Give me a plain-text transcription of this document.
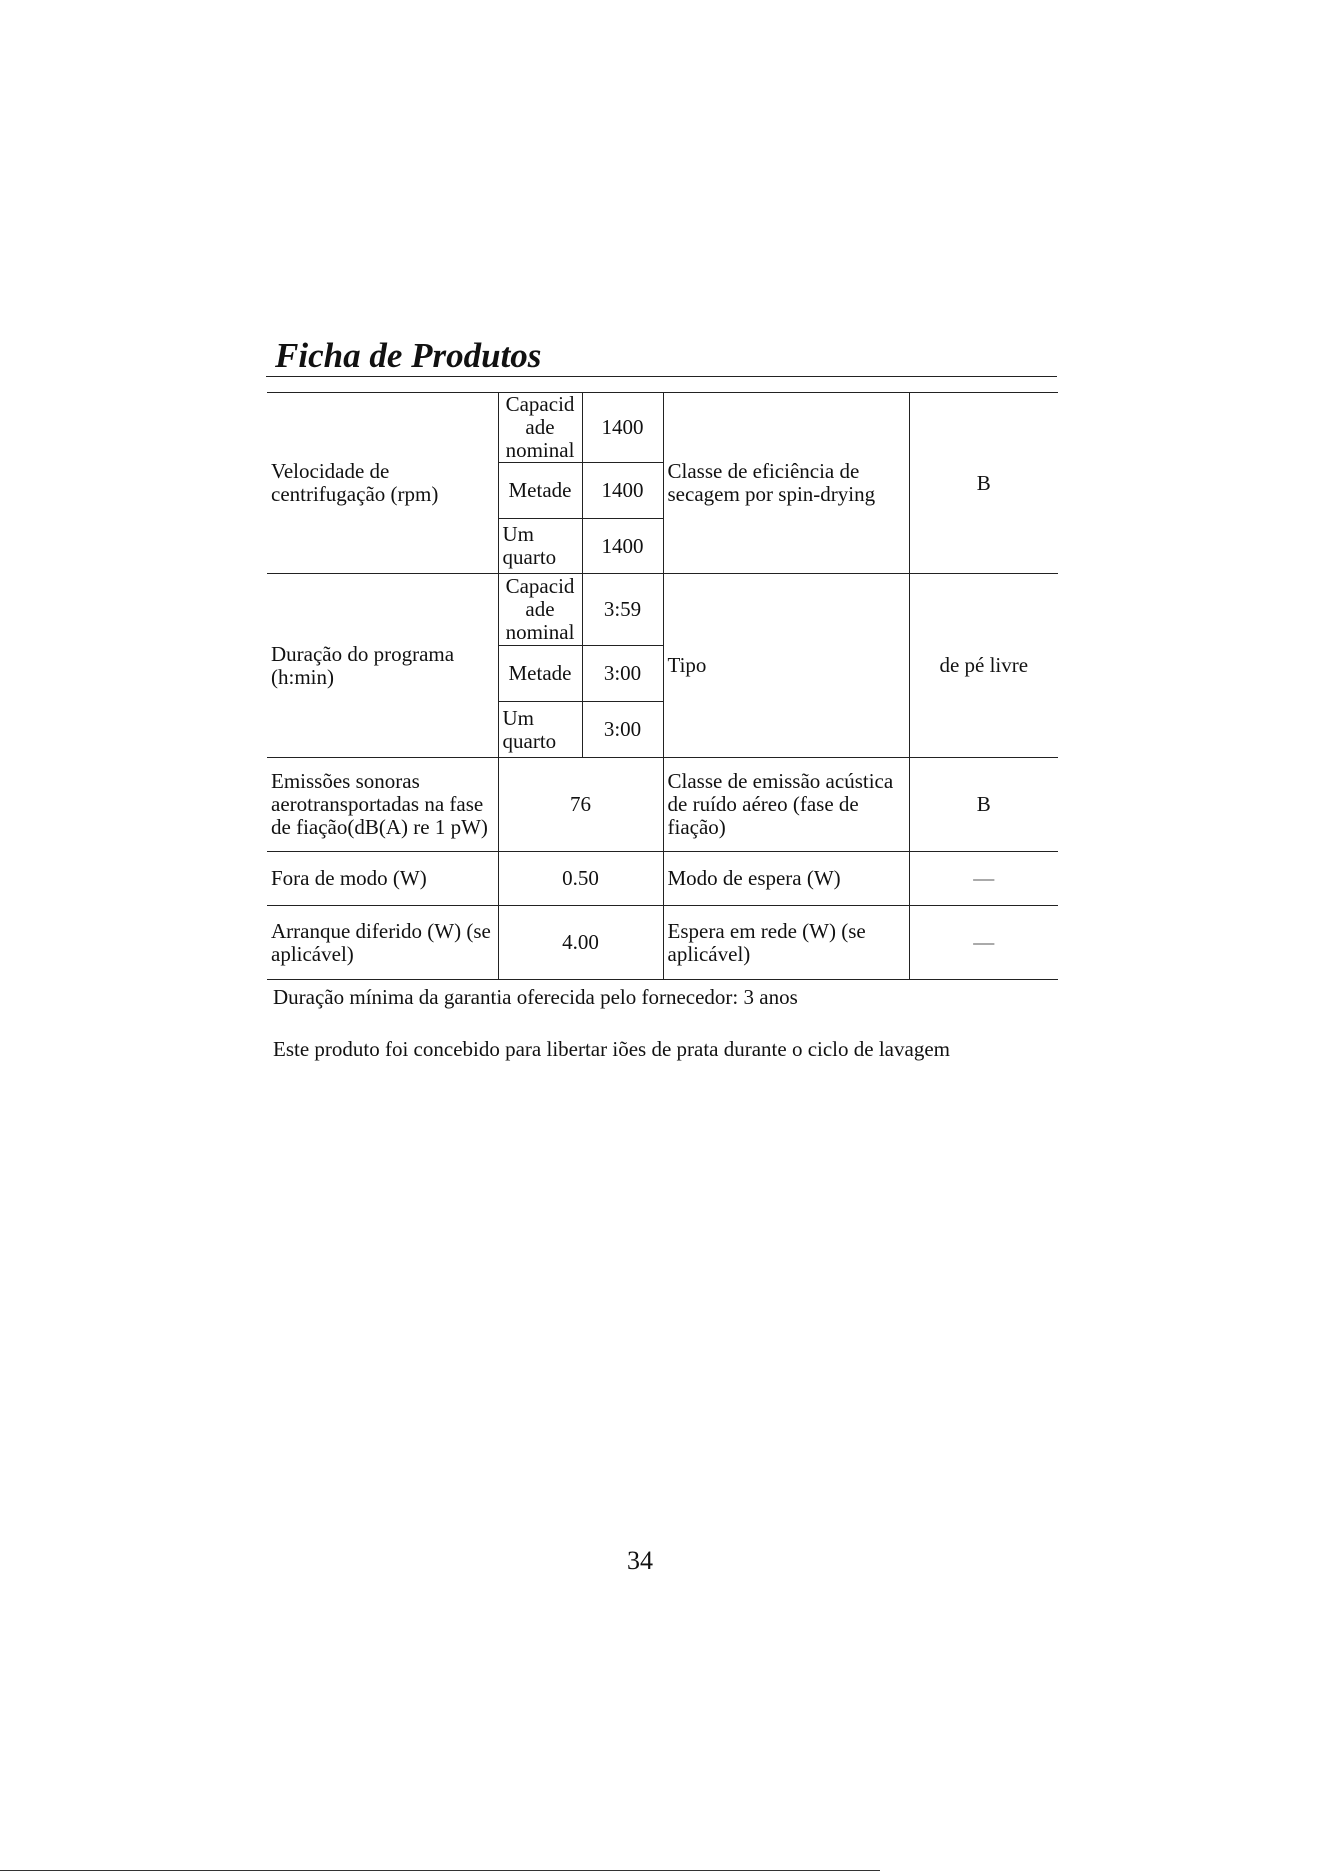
Ficha de Produtos
Velocidade de centrifugação (rpm)	Capacid ade nominal	1400	Classe de eficiência de secagem por spin-drying	B
	Metade	1400		
	Um quarto	1400		
Duração do programa (h:min)	Capacid ade nominal	3:59	Tipo	de pé livre
	Metade	3:00		
	Um quarto	3:00		
Emissões sonoras aerotransportadas na fase de fiação(dB(A) re 1 pW)	76		Classe de emissão acústica de ruído aéreo (fase de fiação)	B
Fora de modo (W)	0.50		Modo de espera (W)	—
Arranque diferido (W) (se aplicável)	4.00		Espera em rede (W) (se aplicável)	—

Duração mínima da garantia oferecida pelo fornecedor: 3 anos

Este produto foi concebido para libertar iões de prata durante o ciclo de lavagem

34
